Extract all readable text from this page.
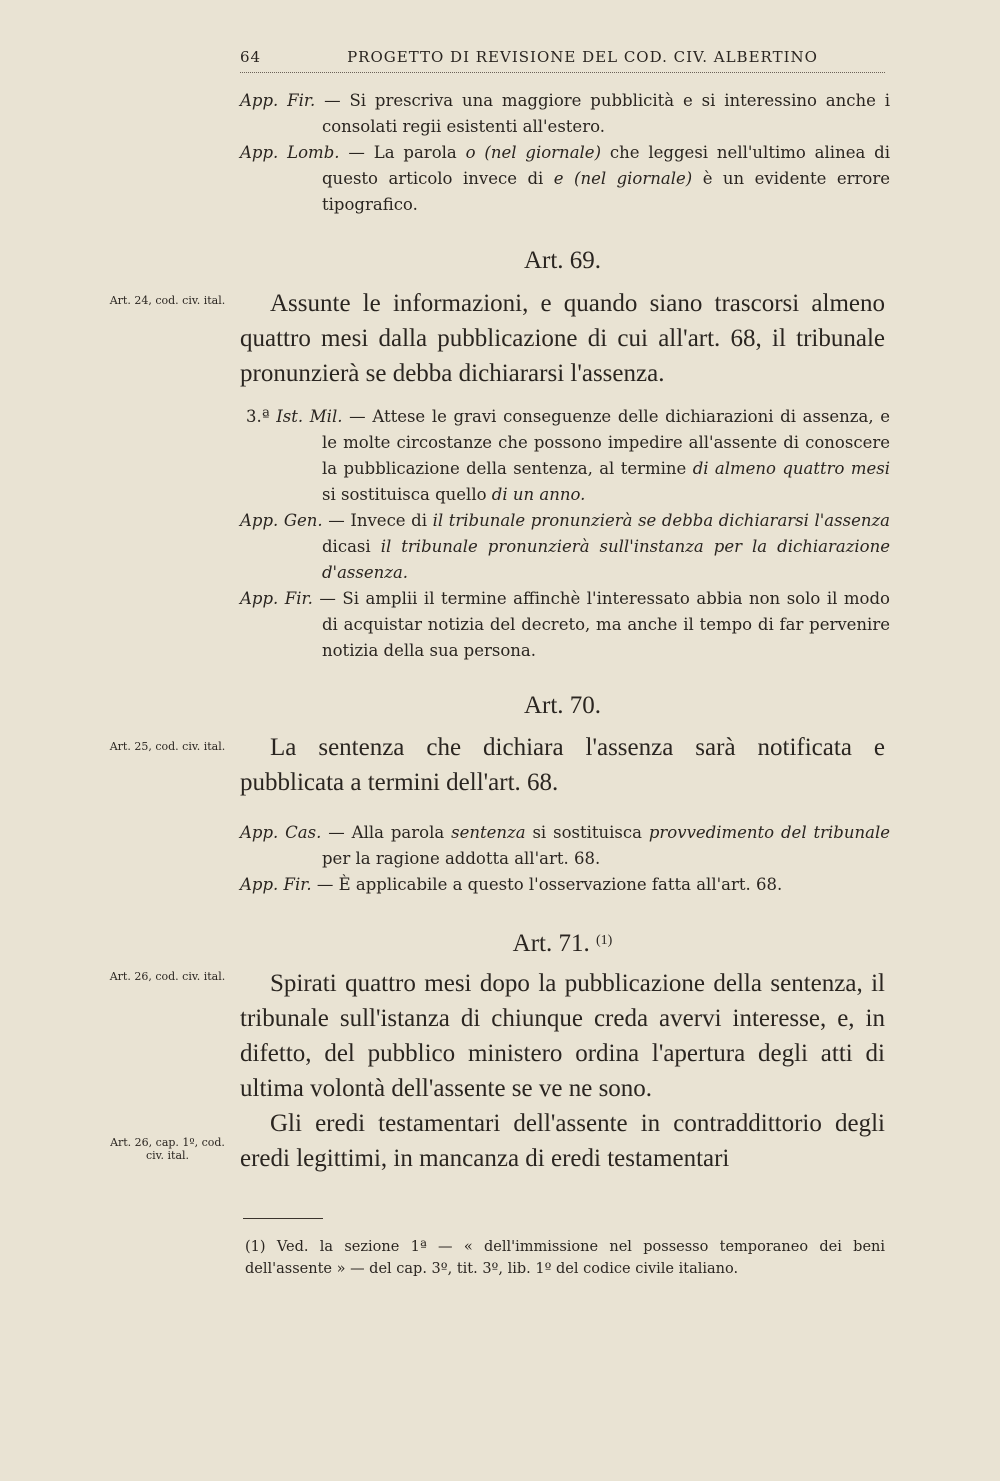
64	PROGETTO DI REVISIONE DEL COD. CIV. ALBERTINO

App. Fir. — Si prescriva una maggiore pubblicità e si interessino anche i consolati regii esistenti all'estero.

App. Lomb. — La parola o (nel giornale) che leggesi nell'ultimo alinea di questo articolo invece di e (nel giornale) è un evidente errore tipografico.

Art. 69.
Art. 24, cod. civ. ital.	Assunte le informazioni, e quando siano trascorsi almeno quattro mesi dalla pubblicazione di cui all'art. 68, il tribunale pronunzierà se debba dichiararsi l'assenza.

3.ª Ist. Mil. — Attese le gravi conseguenze delle dichiarazioni di assenza, e le molte circostanze che possono impedire all'assente di conoscere la pubblicazione della sentenza, al termine di almeno quattro mesi si sostituisca quello di un anno.

App. Gen. — Invece di il tribunale pronunzierà se debba dichiararsi l'assenza dicasi il tribunale pronunzierà sull'instanza per la dichiarazione d'assenza.

App. Fir. — Si amplii il termine affinchè l'interessato abbia non solo il modo di acquistar notizia del decreto, ma anche il tempo di far pervenire notizia della sua persona.

Art. 70.
Art. 25, cod. civ. ital.	La sentenza che dichiara l'assenza sarà notificata e pubblicata a termini dell'art. 68.

App. Cas. — Alla parola sentenza si sostituisca provvedimento del tribunale per la ragione addotta all'art. 68.

App. Fir. — È applicabile a questo l'osservazione fatta all'art. 68.

Art. 71. $^{(1)}$
Art. 26, cod. civ. ital.
Art. 26, cap. 1º, cod. civ. ital.

Spirati quattro mesi dopo la pubblicazione della sentenza, il tribunale sull'istanza di chiunque creda avervi interesse, e, in difetto, del pubblico ministero ordina l'apertura degli atti di ultima volontà dell'assente se ve ne sono.

Gli eredi testamentari dell'assente in contraddittorio degli eredi legittimi, in mancanza di eredi testamentari

(1) Ved. la sezione 1ª — « dell'immissione nel possesso temporaneo dei beni dell'assente » — del cap. 3º, tit. 3º, lib. 1º del codice civile italiano.
